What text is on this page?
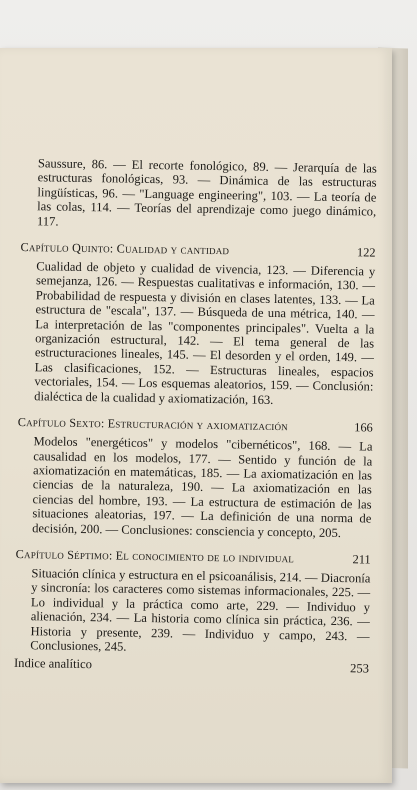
Saussure, 86. — El recorte fonológico, 89. — Jerarquía de las estructuras fonológicas, 93. — Dinámica de las estructuras lingüísticas, 96. — "Language engineering", 103. — La teoría de las colas, 114. — Teorías del aprendizaje como juego dinámico, 117.

Capítulo Quinto: Cualidad y cantidad	122

Cualidad de objeto y cualidad de vivencia, 123. — Diferencia y semejanza, 126. — Respuestas cualitativas e información, 130. — Probabilidad de respuesta y división en clases latentes, 133. — La estructura de "escala", 137. — Búsqueda de una métrica, 140. — La interpretación de las "componentes principales". Vuelta a la organización estructural, 142. — El tema general de las estructuraciones lineales, 145. — El desorden y el orden, 149. — Las clasificaciones, 152. — Estructuras lineales, espacios vectoriales, 154. — Los esquemas aleatorios, 159. — Conclusión: dialéctica de la cualidad y axiomatización, 163.

Capítulo Sexto: Estructuración y axiomatización	166

Modelos "energéticos" y modelos "cibernéticos", 168. — La causalidad en los modelos, 177. — Sentido y función de la axiomatización en matemáticas, 185. — La axiomatización en las ciencias de la naturaleza, 190. — La axiomatización en las ciencias del hombre, 193. — La estructura de estimación de las situaciones aleatorias, 197. — La definición de una norma de decisión, 200. — Conclusiones: consciencia y concepto, 205.

Capítulo Séptimo: El conocimiento de lo individual	211

Situación clínica y estructura en el psicoanálisis, 214. — Diacronía y sincronía: los caracteres como sistemas informacionales, 225. — Lo individual y la práctica como arte, 229. — Individuo y alienación, 234. — La historia como clínica sin práctica, 236. — Historia y presente, 239. — Individuo y campo, 243. — Conclusiones, 245.

Indice analítico	253
